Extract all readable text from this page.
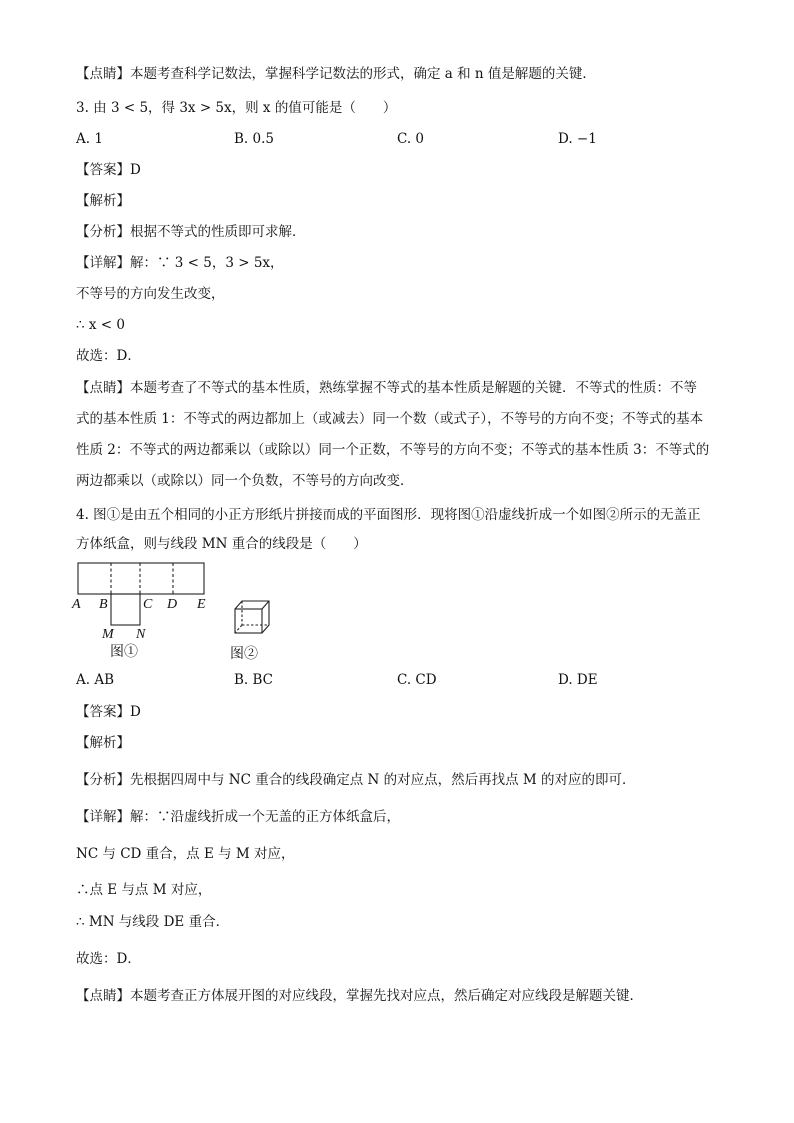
【点睛】本题考查科学记数法，掌握科学记数法的形式，确定 a 和 n 值是解题的关键．
3. 由 3 < 5，得 3x > 5x，则 x 的值可能是（　　）
A. 1	B. 0.5	C. 0	D. −1
【答案】D
【解析】
【分析】根据不等式的性质即可求解．
【详解】解：∵ 3 < 5，3 > 5x，
不等号的方向发生改变，
∴ x < 0
故选：D．
【点睛】本题考查了不等式的基本性质，熟练掌握不等式的基本性质是解题的关键．不等式的性质：不等
式的基本性质 1：不等式的两边都加上（或减去）同一个数（或式子），不等号的方向不变；不等式的基本
性质 2：不等式的两边都乘以（或除以）同一个正数，不等号的方向不变；不等式的基本性质 3：不等式的
两边都乘以（或除以）同一个负数，不等号的方向改变．
4. 图①是由五个相同的小正方形纸片拼接而成的平面图形．现将图①沿虚线折成一个如图②所示的无盖正
方体纸盒，则与线段 MN 重合的线段是（　　）
A B	C D E
M N
图①	图②
A. AB	B. BC	C. CD	D. DE
【答案】D
【解析】
【分析】先根据四周中与 NC 重合的线段确定点 N 的对应点，然后再找点 M 的对应的即可．
【详解】解：∵沿虚线折成一个无盖的正方体纸盒后，
NC 与 CD 重合，点 E 与 M 对应，
∴点 E 与点 M 对应，
∴ MN 与线段 DE 重合．
故选：D．
【点睛】本题考查正方体展开图的对应线段，掌握先找对应点，然后确定对应线段是解题关键．
